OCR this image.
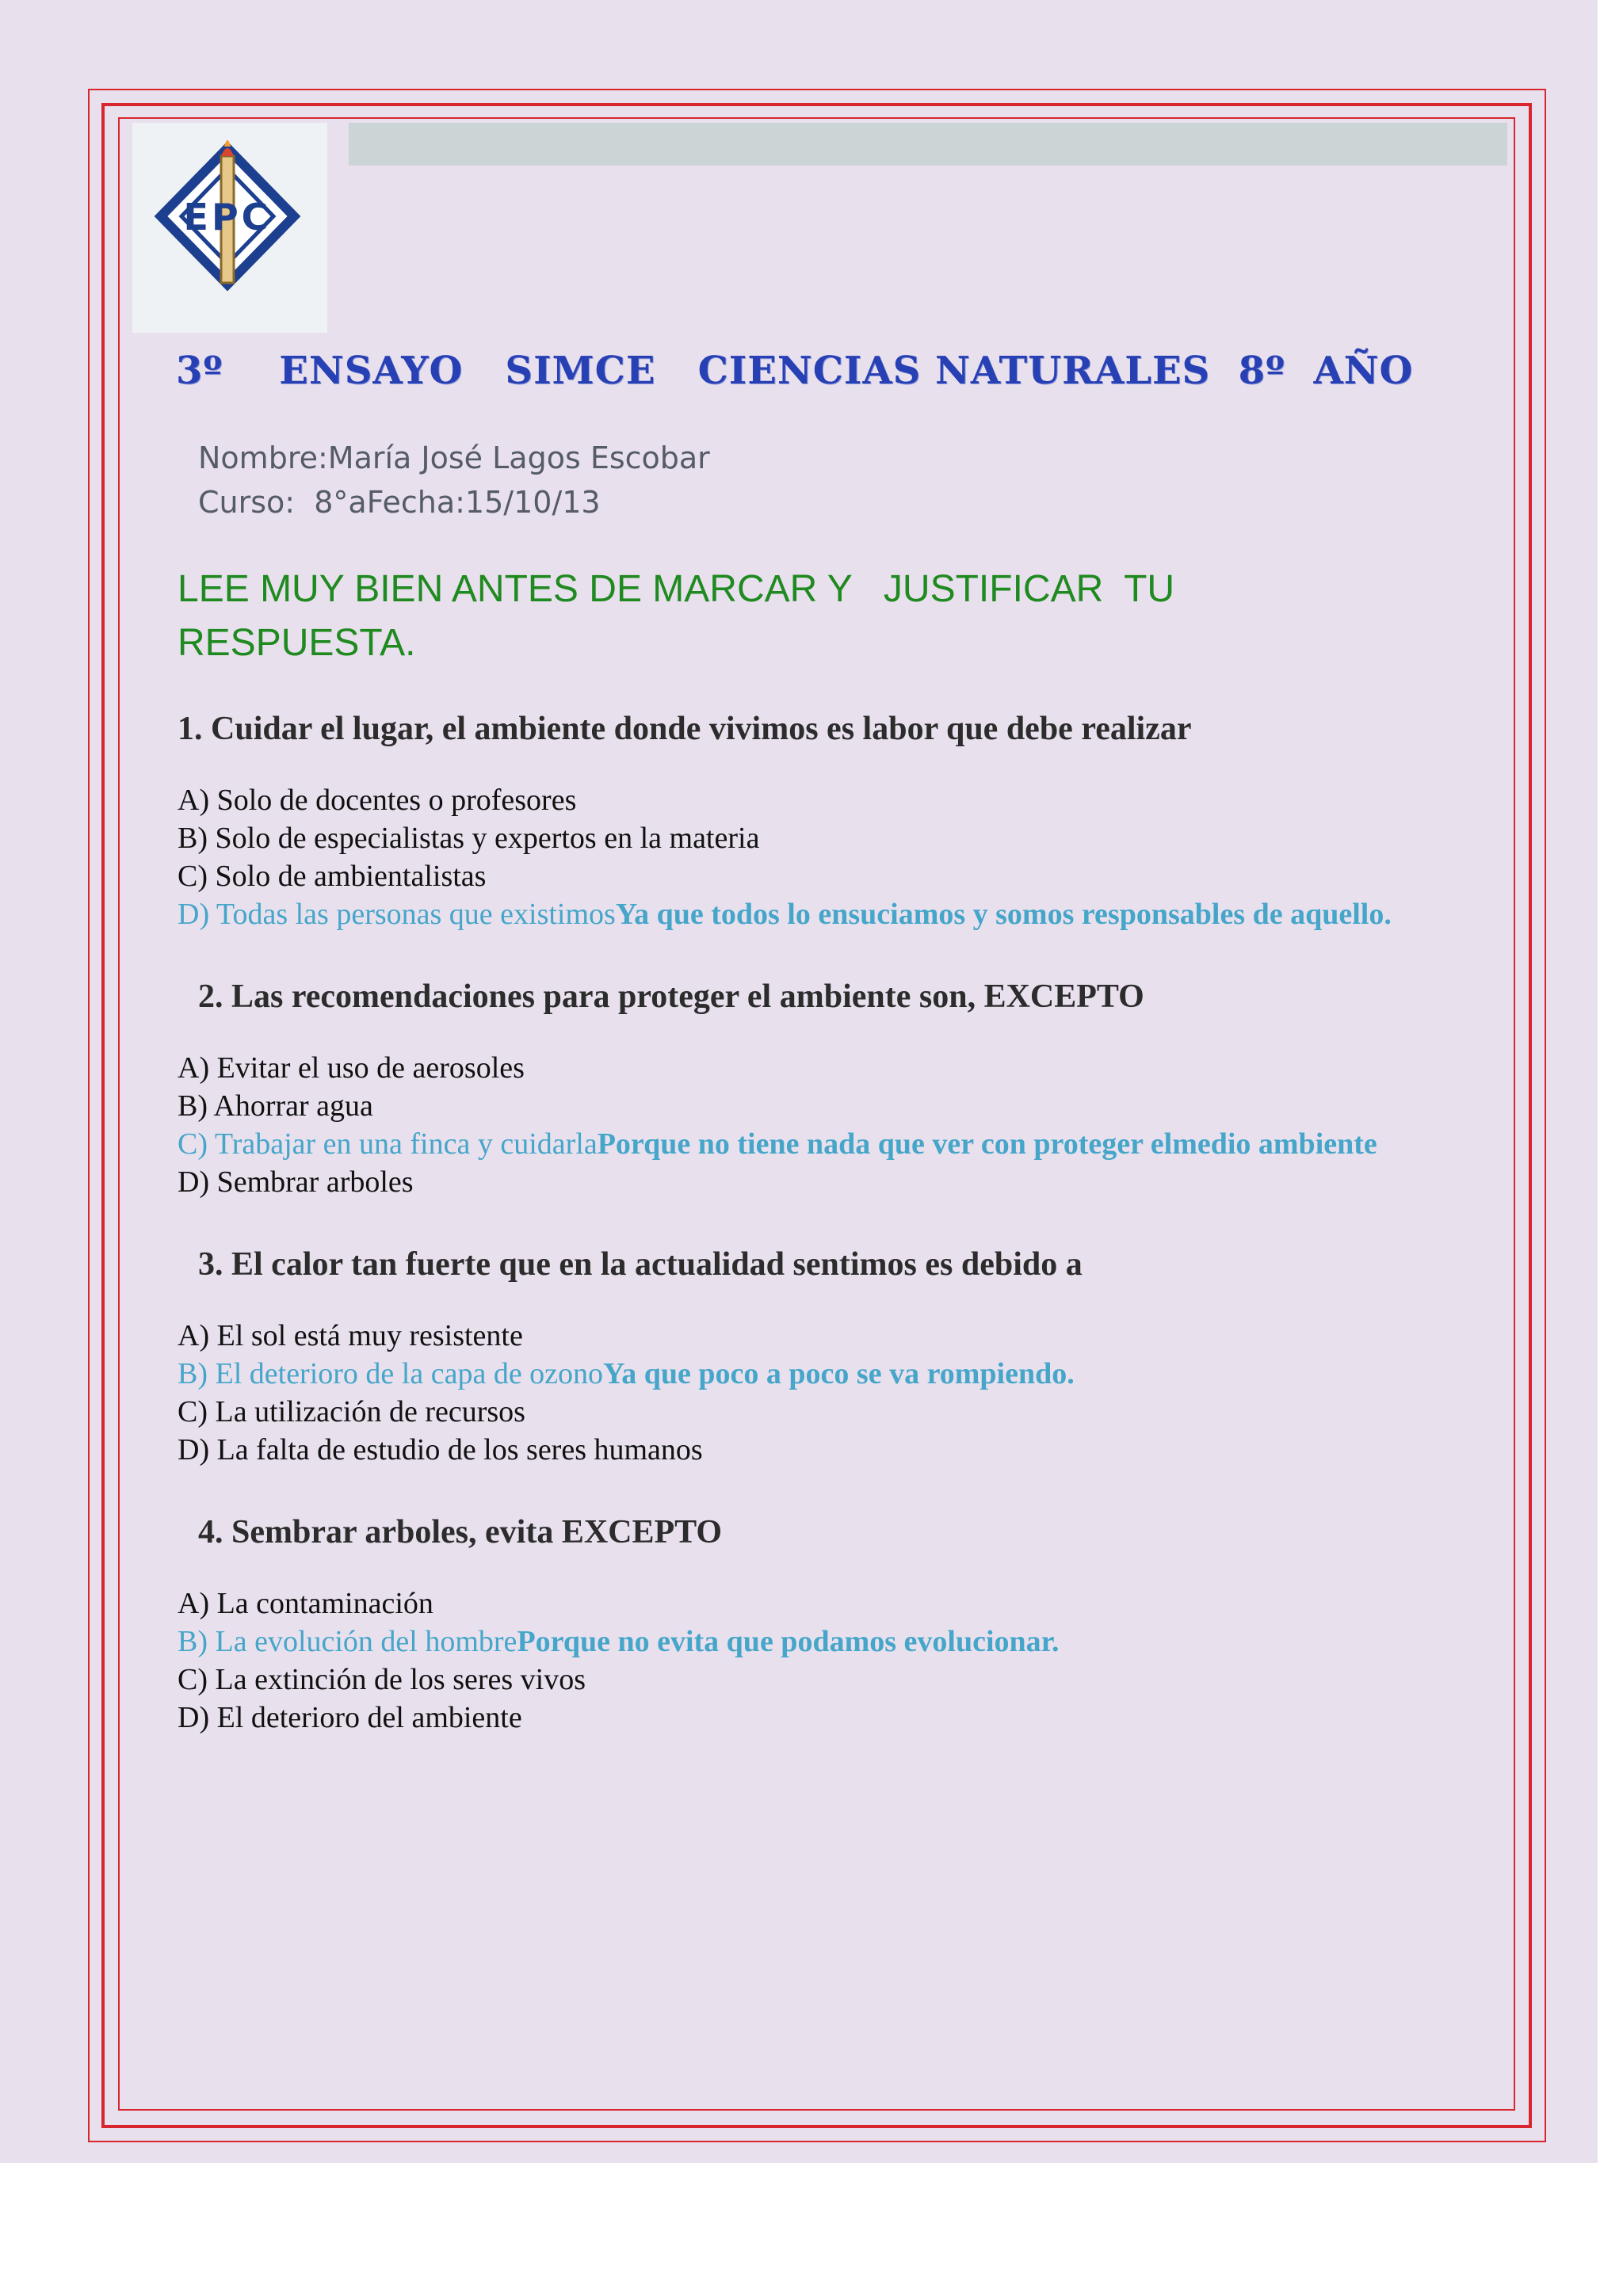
EPC
3º    ENSAYO   SIMCE   CIENCIAS NATURALES  8º  AÑO
Nombre:María José Lagos Escobar
Curso:  8°aFecha:15/10/13
LEE MUY BIEN ANTES DE MARCAR Y   JUSTIFICAR  TU
RESPUESTA.
1. Cuidar el lugar, el ambiente donde vivimos es labor que debe realizar
A) Solo de docentes o profesores
B) Solo de especialistas y expertos en la materia
C) Solo de ambientalistas
D) Todas las personas que existimosYa que todos lo ensuciamos y somos responsables de aquello.
2. Las recomendaciones para proteger el ambiente son, EXCEPTO
A) Evitar el uso de aerosoles
B) Ahorrar agua
C) Trabajar en una finca y cuidarlaPorque no tiene nada que ver con proteger elmedio ambiente
D) Sembrar arboles
3. El calor tan fuerte que en la actualidad sentimos es debido a
A) El sol está muy resistente
B) El deterioro de la capa de ozonoYa que poco a poco se va rompiendo.
C) La utilización de recursos
D) La falta de estudio de los seres humanos
4. Sembrar arboles, evita EXCEPTO
A) La contaminación
B) La evolución del hombrePorque no evita que podamos evolucionar.
C) La extinción de los seres vivos
D) El deterioro del ambiente
